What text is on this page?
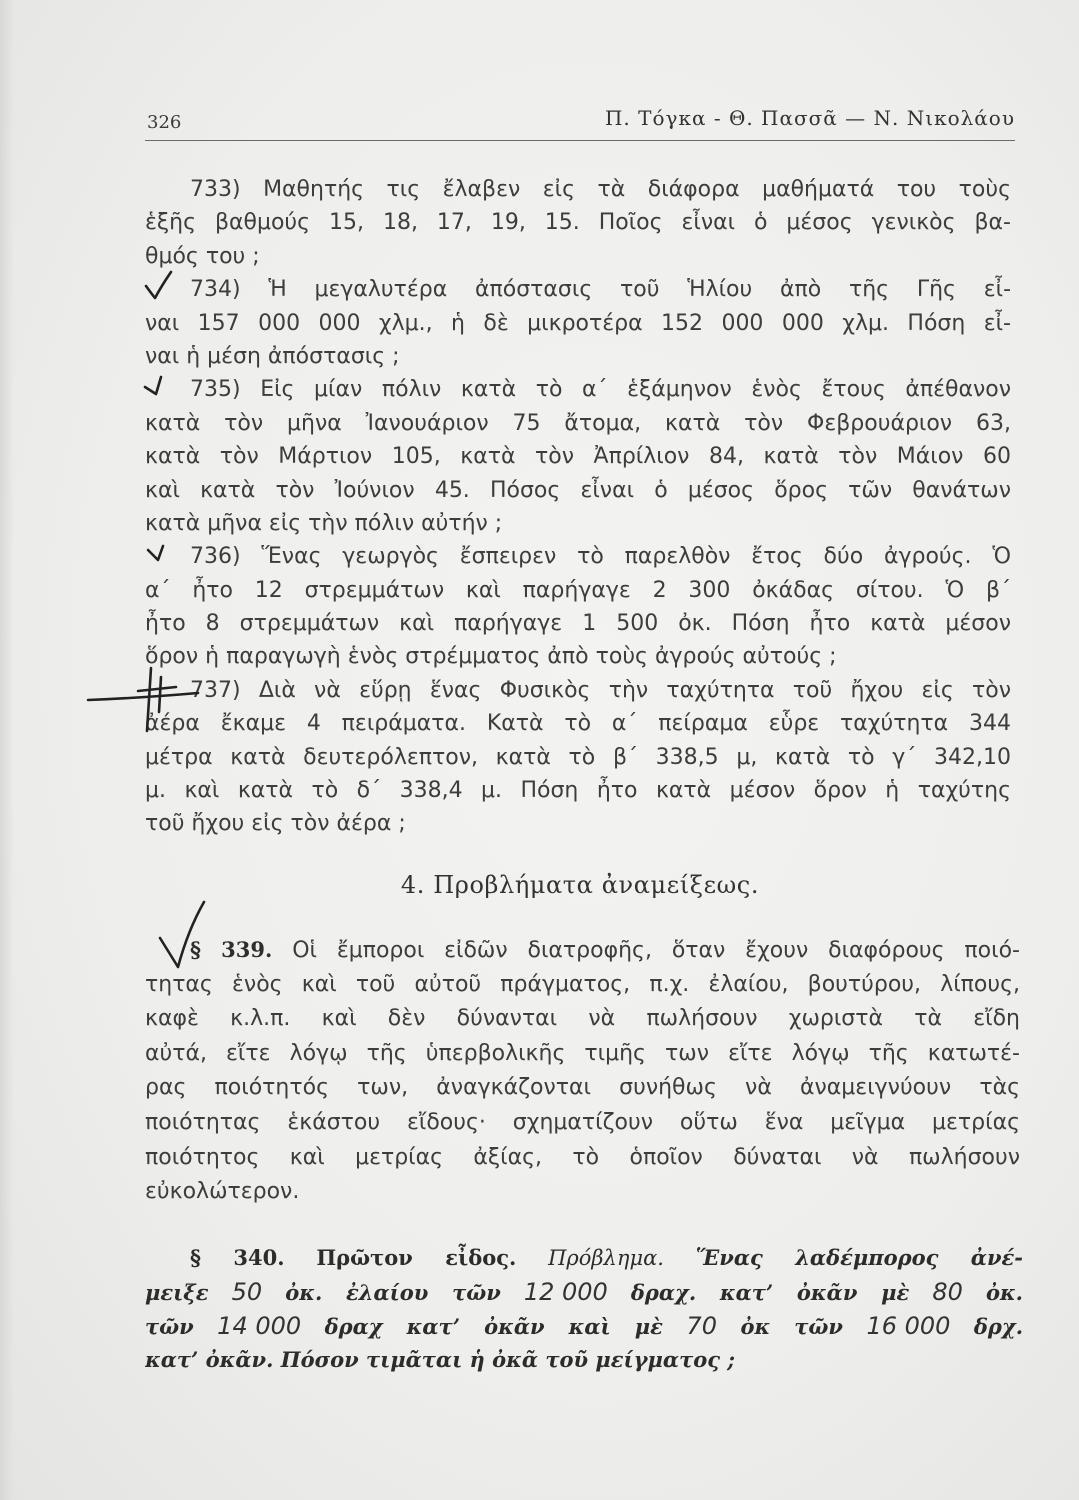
326	Π. Τόγκα - Θ. Πασσᾶ — Ν. Νικολάου
733) Μαθητής τις ἔλαβεν εἰς τὰ διάφορα μαθήματά του τοὺς
ἑξῆς βαθμούς 15, 18, 17, 19, 15. Ποῖος εἶναι ὁ μέσος γενικὸς βα-
θμός του ;
734) Ἡ μεγαλυτέρα ἀπόστασις τοῦ Ἡλίου ἀπὸ τῆς Γῆς εἶ-
ναι 157 000 000 χλμ., ἡ δὲ μικροτέρα 152 000 000 χλμ. Πόση εἶ-
ναι ἡ μέση ἀπόστασις ;
735) Εἰς μίαν πόλιν κατὰ τὸ α΄ ἑξάμηνον ἑνὸς ἔτους ἀπέθανον
κατὰ τὸν μῆνα Ἰανουάριον 75 ἄτομα, κατὰ τὸν Φεβρουάριον 63,
κατὰ τὸν Μάρτιον 105, κατὰ τὸν Ἀπρίλιον 84, κατὰ τὸν Μάιον 60
καὶ κατὰ τὸν Ἰούνιον 45. Πόσος εἶναι ὁ μέσος ὅρος τῶν θανάτων
κατὰ μῆνα εἰς τὴν πόλιν αὐτήν ;
736) Ἕνας γεωργὸς ἔσπειρεν τὸ παρελθὸν ἔτος δύο ἀγρούς. Ὁ
α΄ ἦτο 12 στρεμμάτων καὶ παρήγαγε 2 300 ὀκάδας σίτου. Ὁ β΄
ἦτο 8 στρεμμάτων καὶ παρήγαγε 1 500 ὀκ. Πόση ἦτο κατὰ μέσον
ὅρον ἡ παραγωγὴ ἑνὸς στρέμματος ἀπὸ τοὺς ἀγρούς αὐτούς ;
737) Διὰ νὰ εὕρῃ ἕνας Φυσικὸς τὴν ταχύτητα τοῦ ἤχου εἰς τὸν
ἀέρα ἔκαμε 4 πειράματα. Κατὰ τὸ α΄ πείραμα εὗρε ταχύτητα 344
μέτρα κατὰ δευτερόλεπτον, κατὰ τὸ β΄ 338,5 μ, κατὰ τὸ γ΄ 342,10
μ. καὶ κατὰ τὸ δ΄ 338,4 μ. Πόση ἦτο κατὰ μέσον ὅρον ἡ ταχύτης
τοῦ ἤχου εἰς τὸν ἀέρα ;
4. Προβλήματα ἀναμείξεως.
§ 339. Οἱ ἔμποροι εἰδῶν διατροφῆς, ὅταν ἔχουν διαφόρους ποιό-
τητας ἑνὸς καὶ τοῦ αὐτοῦ πράγματος, π.χ. ἐλαίου, βουτύρου, λίπους,
καφὲ κ.λ.π. καὶ δὲν δύνανται νὰ πωλήσουν χωριστὰ τὰ εἴδη
αὐτά, εἴτε λόγῳ τῆς ὑπερβολικῆς τιμῆς των εἴτε λόγῳ τῆς κατωτέ-
ρας ποιότητός των, ἀναγκάζονται συνήθως νὰ ἀναμειγνύουν τὰς
ποιότητας ἑκάστου εἴδους· σχηματίζουν οὕτω ἕνα μεῖγμα μετρίας
ποιότητος καὶ μετρίας ἀξίας, τὸ ὁποῖον δύναται νὰ πωλήσουν
εὐκολώτερον.
§ 340. Πρῶτον εἶδος. Πρόβλημα. Ἕνας λαδέμπορος ἀνέ-
μειξε 50 ὀκ. ἐλαίου τῶν 12 000 δραχ. κατ’ ὀκᾶν μὲ 80 ὀκ.
τῶν 14 000 δραχ κατ’ ὀκᾶν καὶ μὲ 70 ὀκ τῶν 16 000 δρχ.
κατ’ ὀκᾶν. Πόσον τιμᾶται ἡ ὀκᾶ τοῦ μείγματος ;
